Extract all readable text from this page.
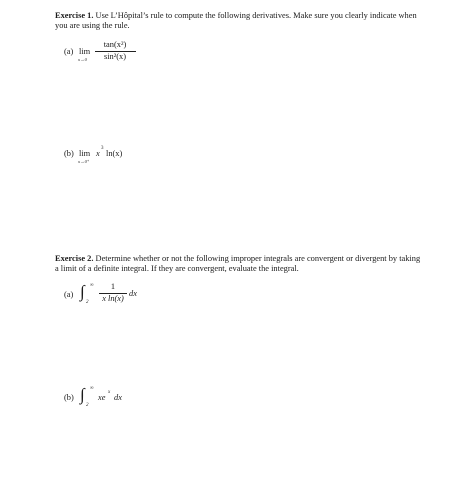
Exercise 1. Use L’Hôpital’s rule to compute the following derivatives. Make sure you clearly indicate when you are using the rule.
(a) lim
x→0
tan(x²)
sin²(x)
(b) lim
x→0⁺
x
3
ln(x)
Exercise 2. Determine whether or not the following improper integrals are convergent or divergent by taking a limit of a definite integral. If they are convergent, evaluate the integral.
(a) ∫ ∞
2
1
x ln(x)
dx
(b) ∫ ∞
2
xe
x
dx
